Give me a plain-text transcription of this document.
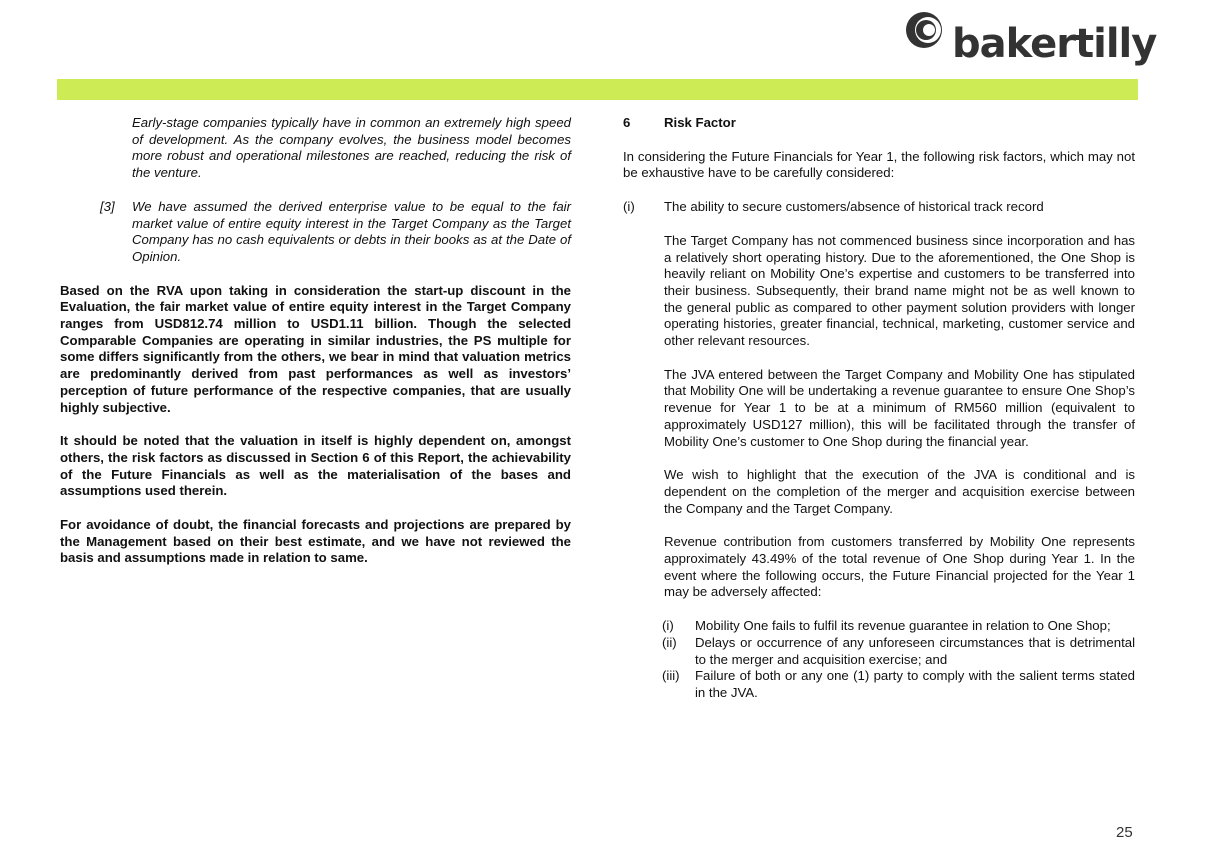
bakertilly

Early-stage companies typically have in common an extremely high speed of development. As the company evolves, the business model becomes more robust and operational milestones are reached, reducing the risk of the venture.

[3]	We have assumed the derived enterprise value to be equal to the fair market value of entire equity interest in the Target Company as the Target Company has no cash equivalents or debts in their books as at the Date of Opinion.

Based on the RVA upon taking in consideration the start-up discount in the Evaluation, the fair market value of entire equity interest in the Target Company ranges from USD812.74 million to USD1.11 billion. Though the selected Comparable Companies are operating in similar industries, the PS multiple for some differs significantly from the others, we bear in mind that valuation metrics are predominantly derived from past performances as well as investors’ perception of future performance of the respective companies, that are usually highly subjective.

It should be noted that the valuation in itself is highly dependent on, amongst others, the risk factors as discussed in Section 6 of this Report, the achievability of the Future Financials as well as the materialisation of the bases and assumptions used therein.

For avoidance of doubt, the financial forecasts and projections are prepared by the Management based on their best estimate, and we have not reviewed the basis and assumptions made in relation to same.

6	Risk Factor

In considering the Future Financials for Year 1, the following risk factors, which may not be exhaustive have to be carefully considered:

(i)	The ability to secure customers/absence of historical track record

The Target Company has not commenced business since incorporation and has a relatively short operating history. Due to the aforementioned, the One Shop is heavily reliant on Mobility One’s expertise and customers to be transferred into their business. Subsequently, their brand name might not be as well known to the general public as compared to other payment solution providers with longer operating histories, greater financial, technical, marketing, customer service and other relevant resources.

The JVA entered between the Target Company and Mobility One has stipulated that Mobility One will be undertaking a revenue guarantee to ensure One Shop’s revenue for Year 1 to be at a minimum of RM560 million (equivalent to approximately USD127 million), this will be facilitated through the transfer of Mobility One’s customer to One Shop during the financial year.

We wish to highlight that the execution of the JVA is conditional and is dependent on the completion of the merger and acquisition exercise between the Company and the Target Company.

Revenue contribution from customers transferred by Mobility One represents approximately 43.49% of the total revenue of One Shop during Year 1. In the event where the following occurs, the Future Financial projected for the Year 1 may be adversely affected:

(i)	Mobility One fails to fulfil its revenue guarantee in relation to One Shop;

(ii)	Delays or occurrence of any unforeseen circumstances that is detrimental to the merger and acquisition exercise; and

(iii)	Failure of both or any one (1) party to comply with the salient terms stated in the JVA.

25
